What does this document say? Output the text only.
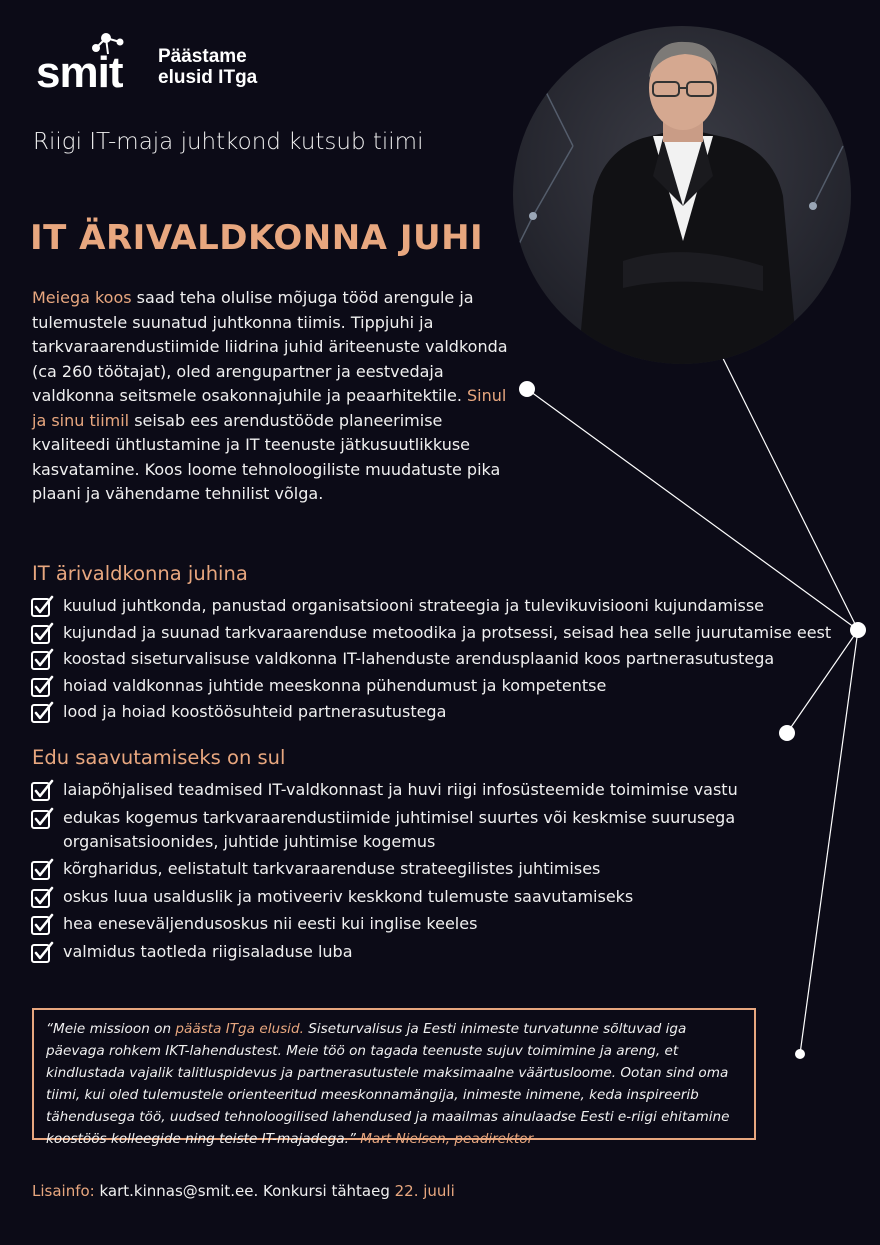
smit Päästame
elusid ITga
Riigi IT-maja juhtkond kutsub tiimi
IT ÄRIVALDKONNA JUHI
Meiega koos saad teha olulise mõjuga tööd arengule ja tulemustele suunatud juhtkonna tiimis. Tippjuhi ja tarkvaraarendustiimide liidrina juhid äriteenuste valdkonda (ca 260 töötajat), oled arengupartner ja eestvedaja valdkonna seitsmele osakonnajuhile ja peaarhitektile. Sinul ja sinu tiimil seisab ees arendustööde planeerimise kvaliteedi ühtlustamine ja IT teenuste jätkusuutlikkuse kasvatamine. Koos loome tehnoloogiliste muudatuste pika plaani ja vähendame tehnilist võlga.
IT ärivaldkonna juhina
kuulud juhtkonda, panustad organisatsiooni strateegia ja tulevikuvisiooni kujundamisse
kujundad ja suunad tarkvaraarenduse metoodika ja protsessi, seisad hea selle juurutamise eest
koostad siseturvalisuse valdkonna IT-lahenduste arendusplaanid koos partnerasutustega
hoiad valdkonnas juhtide meeskonna pühendumust ja kompetentse
lood ja hoiad koostöösuhteid partnerasutustega
Edu saavutamiseks on sul
laiapõhjalised teadmised IT-valdkonnast ja huvi riigi infosüsteemide toimimise vastu
edukas kogemus tarkvaraarendustiimide juhtimisel suurtes või keskmise suurusega organisatsioonides, juhtide juhtimise kogemus
kõrgharidus, eelistatult tarkvaraarenduse strateegilistes juhtimises
oskus luua usalduslik ja motiveeriv keskkond tulemuste saavutamiseks
hea eneseväljendusoskus nii eesti kui inglise keeles
valmidus taotleda riigisaladuse luba

“Meie missioon on päästa ITga elusid. Siseturvalisus ja Eesti inimeste turvatunne sõltuvad iga päevaga rohkem IKT-lahendustest. Meie töö on tagada teenuste sujuv toimimine ja areng, et kindlustada vajalik talitluspidevus ja partnerasutustele maksimaalne väärtusloome. Ootan sind oma tiimi, kui oled tulemustele orienteeritud meeskonnamängija, inimeste inimene, keda inspireerib tähendusega töö, uudsed tehnoloogilised lahendused ja maailmas ainulaadse Eesti e-riigi ehitamine koostöös kolleegide ning teiste IT-majadega.” Mart Nielsen, peadirektor

Lisainfo: kart.kinnas@smit.ee. Konkursi tähtaeg 22. juuli
